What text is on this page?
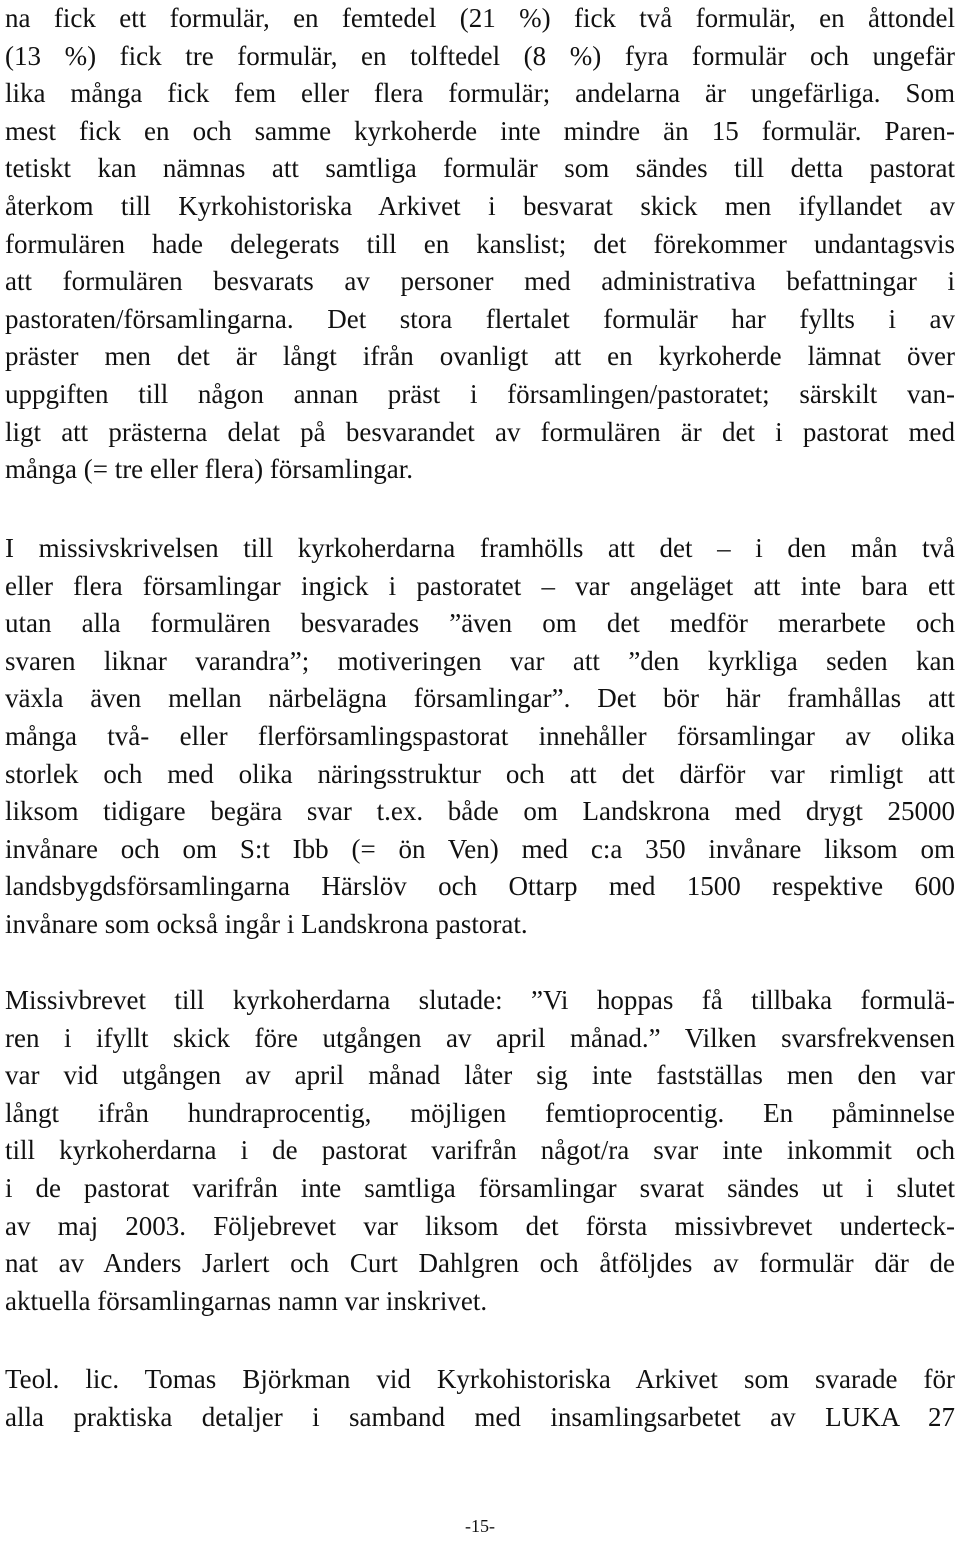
na fick ett formulär, en femtedel (21 %) fick två formulär, en åttondel
(13 %) fick tre formulär, en tolftedel (8 %) fyra formulär och ungefär
lika många fick fem eller flera formulär; andelarna är ungefärliga. Som
mest fick en och samme kyrkoherde inte mindre än 15 formulär. Paren-
tetiskt kan nämnas att samtliga formulär som sändes till detta pastorat
återkom till Kyrkohistoriska Arkivet i besvarat skick men ifyllandet av
formulären hade delegerats till en kanslist; det förekommer undantagsvis
att formulären besvarats av personer med administrativa befattningar i
pastoraten/församlingarna. Det stora flertalet formulär har fyllts i av
präster men det är långt ifrån ovanligt att en kyrkoherde lämnat över
uppgiften till någon annan präst i församlingen/pastoratet; särskilt van-
ligt att prästerna delat på besvarandet av formulären är det i pastorat med
många (= tre eller flera) församlingar.
I missivskrivelsen till kyrkoherdarna framhölls att det – i den mån två
eller flera församlingar ingick i pastoratet – var angeläget att inte bara ett
utan alla formulären besvarades ”även om det medför merarbete och
svaren liknar varandra”; motiveringen var att ”den kyrkliga seden kan
växla även mellan närbelägna församlingar”. Det bör här framhållas att
många två- eller flerförsamlingspastorat innehåller församlingar av olika
storlek och med olika näringsstruktur och att det därför var rimligt att
liksom tidigare begära svar t.ex. både om Landskrona med drygt 25000
invånare och om S:t Ibb (= ön Ven) med c:a 350 invånare liksom om
landsbygdsförsamlingarna Härslöv och Ottarp med 1500 respektive 600
invånare som också ingår i Landskrona pastorat.
Missivbrevet till kyrkoherdarna slutade: ”Vi hoppas få tillbaka formulä-
ren i ifyllt skick före utgången av april månad.” Vilken svarsfrekvensen
var vid utgången av april månad låter sig inte fastställas men den var
långt ifrån hundraprocentig, möjligen femtioprocentig. En påminnelse
till kyrkoherdarna i de pastorat varifrån något/ra svar inte inkommit och
i de pastorat varifrån inte samtliga församlingar svarat sändes ut i slutet
av maj 2003. Följebrevet var liksom det första missivbrevet underteck-
nat av Anders Jarlert och Curt Dahlgren och åtföljdes av formulär där de
aktuella församlingarnas namn var inskrivet.
Teol. lic. Tomas Björkman vid Kyrkohistoriska Arkivet som svarade för
alla praktiska detaljer i samband med insamlingsarbetet av LUKA 27
-15-
